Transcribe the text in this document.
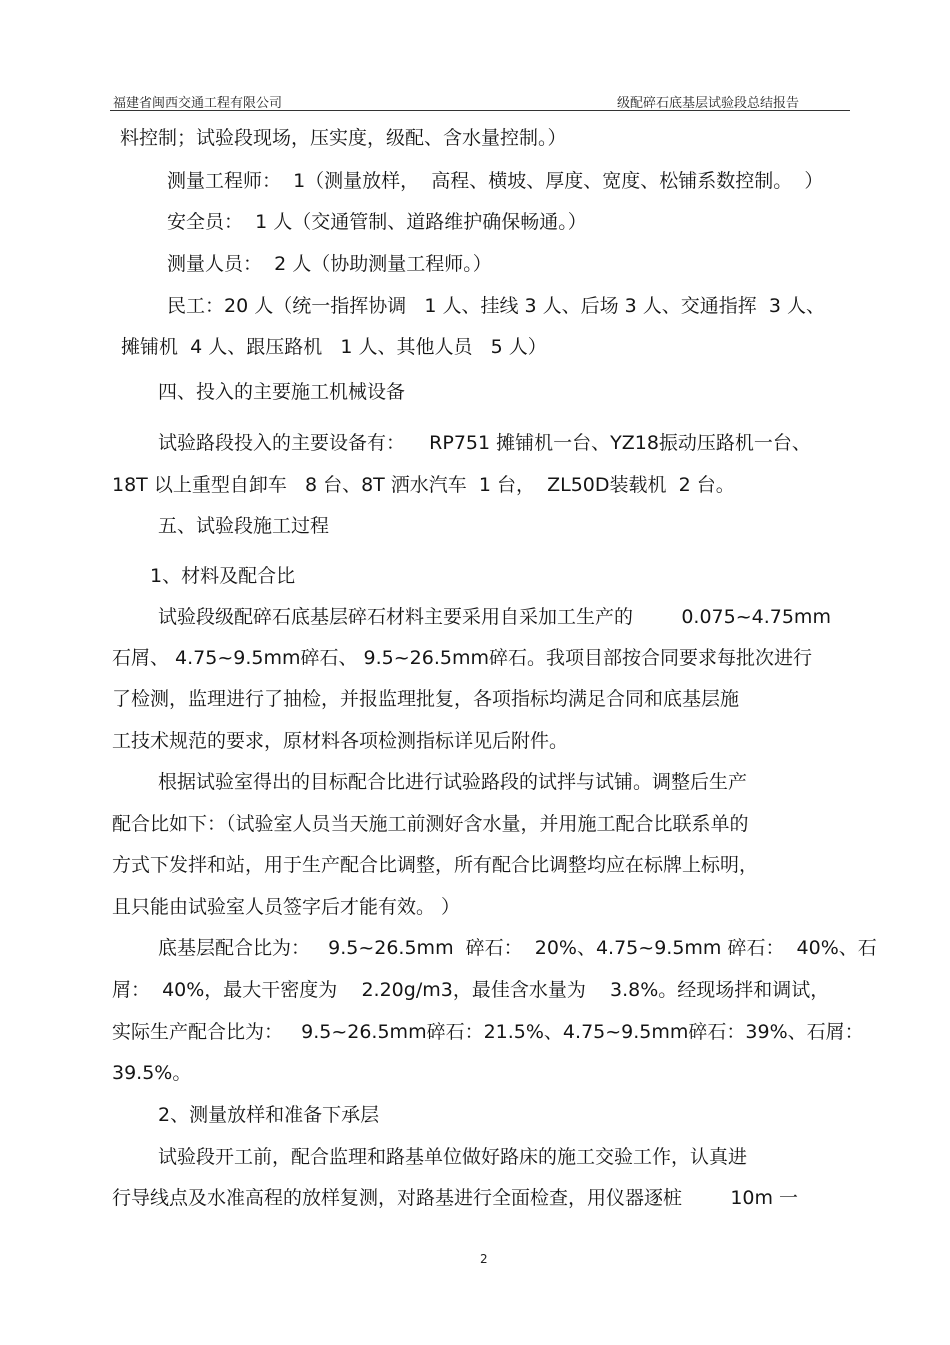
福建省闽西交通工程有限公司	级配碎石底基层试验段总结报告
料控制；试验段现场，压实度，级配、含水量控制。）
测量工程师：  1（测量放样，  高程、横坡、厚度、宽度、松铺系数控制。  ）
安全员：  1 人（交通管制、道路维护确保畅通。）
测量人员：  2 人（协助测量工程师。）
民工：20 人（统一指挥协调   1 人、挂线 3 人、后场 3 人、交通指挥  3 人、
摊铺机  4 人、跟压路机   1 人、其他人员   5 人）
四、投入的主要施工机械设备
试验路段投入的主要设备有：    RP751 摊铺机一台、YZ18振动压路机一台、
18T 以上重型自卸车   8 台、8T 洒水汽车  1 台，  ZL50D装载机  2 台。
五、试验段施工过程
1、材料及配合比
试验段级配碎石底基层碎石材料主要采用自采加工生产的        0.075~4.75mm
石屑、 4.75~9.5mm碎石、 9.5~26.5mm碎石。我项目部按合同要求每批次进行
了检测，监理进行了抽检，并报监理批复，各项指标均满足合同和底基层施
工技术规范的要求，原材料各项检测指标详见后附件。
根据试验室得出的目标配合比进行试验路段的试拌与试铺。调整后生产
配合比如下：（试验室人员当天施工前测好含水量，并用施工配合比联系单的
方式下发拌和站，用于生产配合比调整，所有配合比调整均应在标牌上标明，
且只能由试验室人员签字后才能有效。 ）
底基层配合比为：   9.5~26.5mm  碎石：  20%、4.75~9.5mm 碎石：  40%、石
屑：  40%，最大干密度为    2.20g/m3，最佳含水量为    3.8%。经现场拌和调试，
实际生产配合比为：   9.5~26.5mm碎石：21.5%、4.75~9.5mm碎石：39%、石屑：
39.5%。
2、测量放样和准备下承层
试验段开工前，配合监理和路基单位做好路床的施工交验工作，认真进
行导线点及水准高程的放样复测，对路基进行全面检查，用仪器逐桩        10m 一
2
